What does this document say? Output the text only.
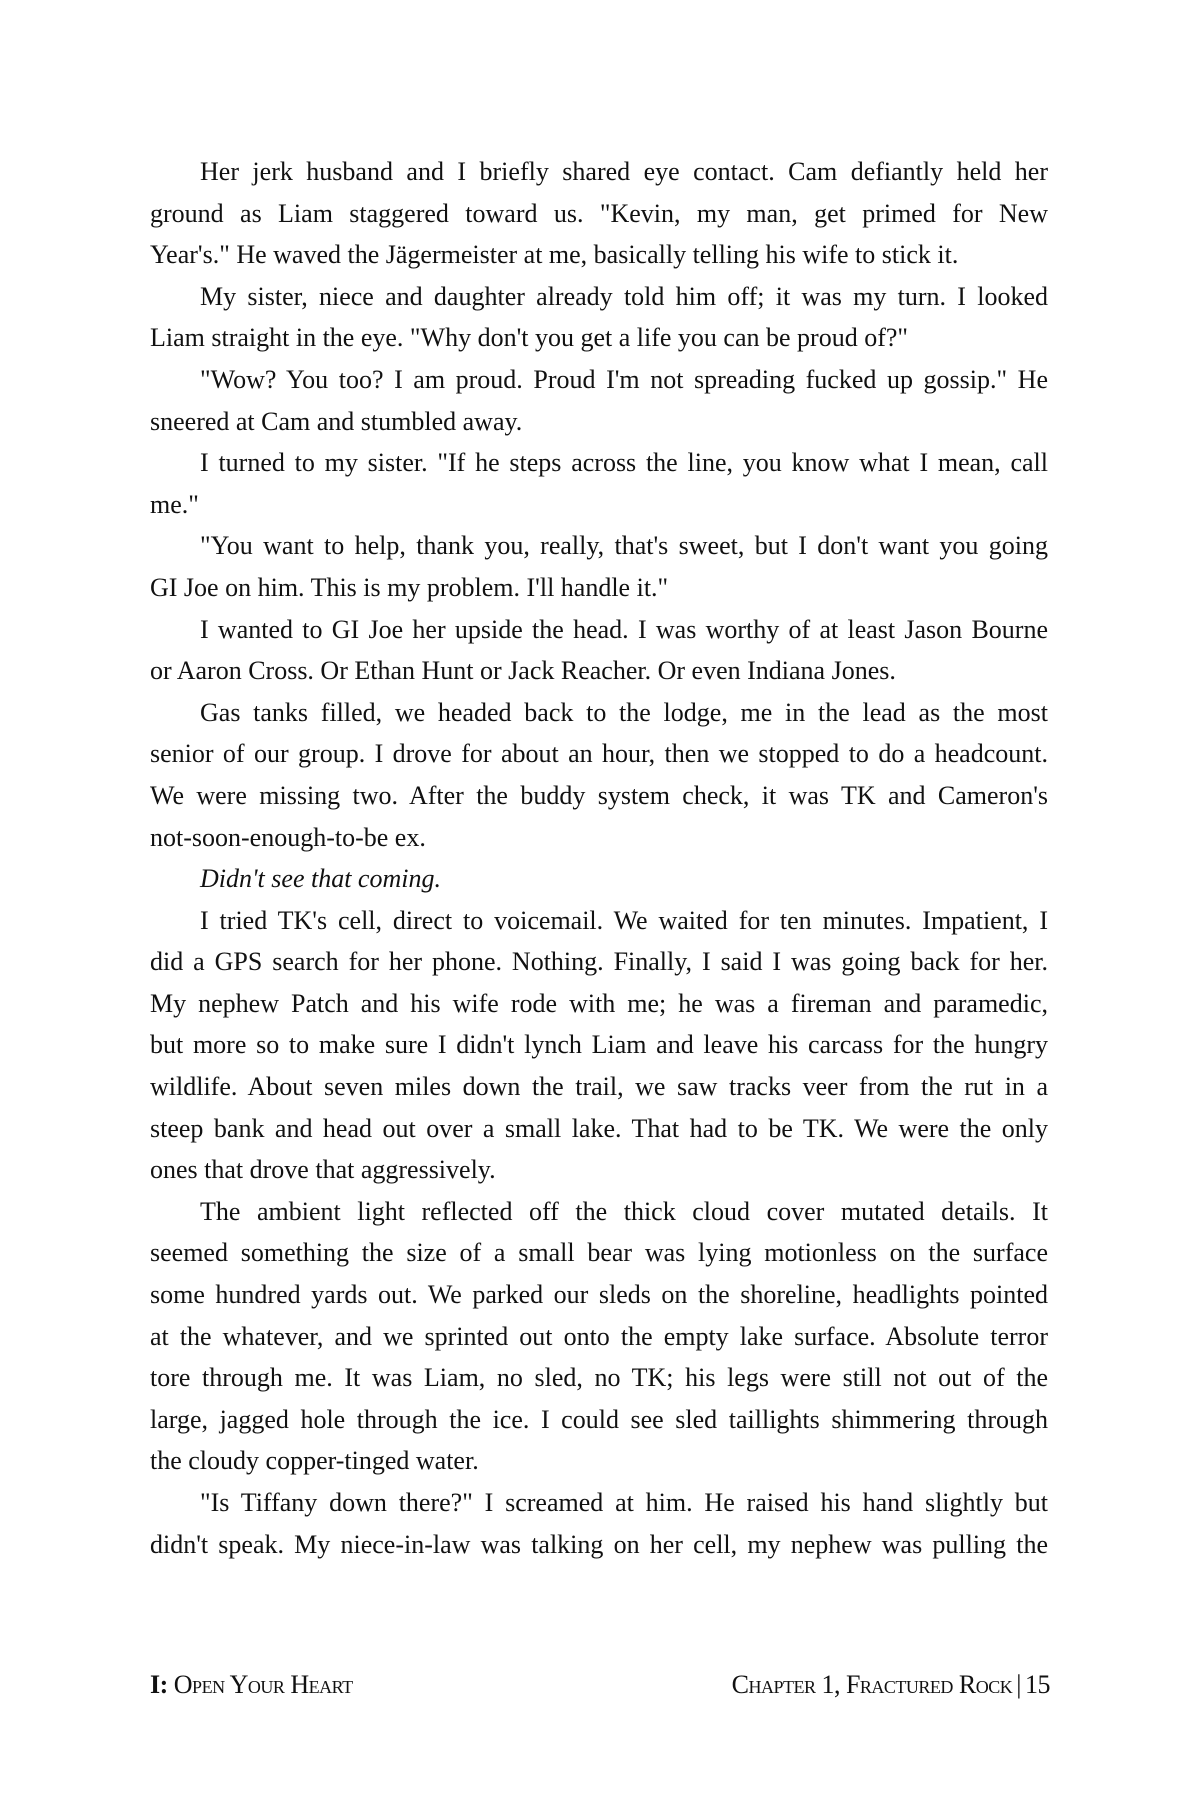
Her jerk husband and I briefly shared eye contact. Cam defiantly held her
ground as Liam staggered toward us. "Kevin, my man, get primed for New
Year's." He waved the Jägermeister at me, basically telling his wife to stick it.
My sister, niece and daughter already told him off; it was my turn. I looked
Liam straight in the eye. "Why don't you get a life you can be proud of?"
"Wow? You too? I am proud. Proud I'm not spreading fucked up gossip." He
sneered at Cam and stumbled away.
I turned to my sister. "If he steps across the line, you know what I mean, call
me."
"You want to help, thank you, really, that's sweet, but I don't want you going
GI Joe on him. This is my problem. I'll handle it."
I wanted to GI Joe her upside the head. I was worthy of at least Jason Bourne
or Aaron Cross. Or Ethan Hunt or Jack Reacher. Or even Indiana Jones.
Gas tanks filled, we headed back to the lodge, me in the lead as the most
senior of our group. I drove for about an hour, then we stopped to do a headcount.
We were missing two. After the buddy system check, it was TK and Cameron's
not-soon-enough-to-be ex.
Didn't see that coming.
I tried TK's cell, direct to voicemail. We waited for ten minutes. Impatient, I
did a GPS search for her phone. Nothing. Finally, I said I was going back for her.
My nephew Patch and his wife rode with me; he was a fireman and paramedic,
but more so to make sure I didn't lynch Liam and leave his carcass for the hungry
wildlife. About seven miles down the trail, we saw tracks veer from the rut in a
steep bank and head out over a small lake. That had to be TK. We were the only
ones that drove that aggressively.
The ambient light reflected off the thick cloud cover mutated details. It
seemed something the size of a small bear was lying motionless on the surface
some hundred yards out. We parked our sleds on the shoreline, headlights pointed
at the whatever, and we sprinted out onto the empty lake surface. Absolute terror
tore through me. It was Liam, no sled, no TK; his legs were still not out of the
large, jagged hole through the ice. I could see sled taillights shimmering through
the cloudy copper-tinged water.
"Is Tiffany down there?" I screamed at him. He raised his hand slightly but
didn't speak. My niece-in-law was talking on her cell, my nephew was pulling the
I: Open Your Heart	Chapter 1, Fractured Rock | 15
